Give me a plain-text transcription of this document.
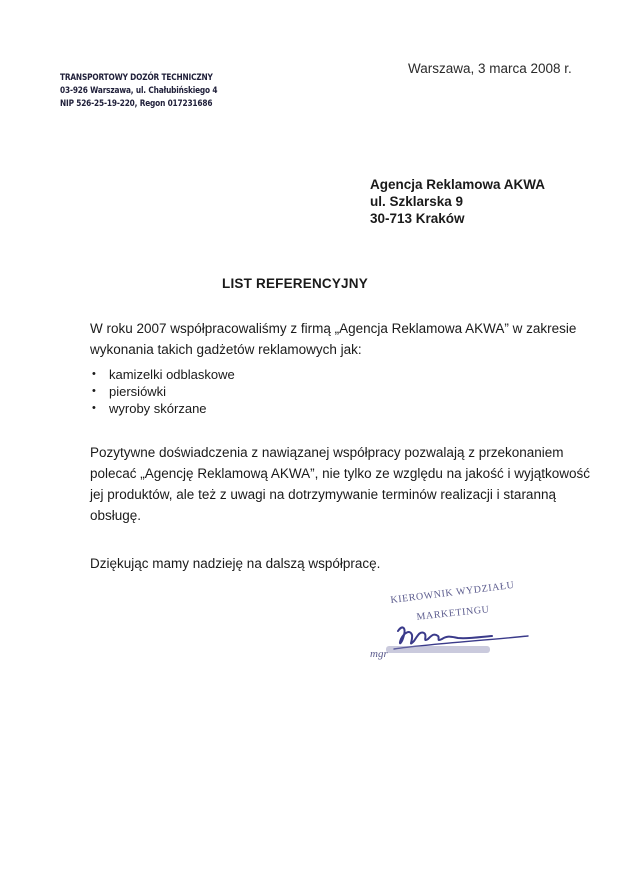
Warszawa, 3 marca 2008 r.
TRANSPORTOWY DOZÓR TECHNICZNY
03-926 Warszawa, ul. Chałubińskiego 4
NIP 526-25-19-220, Regon 017231686
Agencja Reklamowa AKWA
ul. Szklarska 9
30-713 Kraków
LIST REFERENCYJNY
W roku 2007 współpracowaliśmy z firmą „Agencja Reklamowa AKWA” w zakresie wykonania takich gadżetów reklamowych jak:
• kamizelki odblaskowe
• piersiówki
• wyroby skórzane
Pozytywne doświadczenia z nawiązanej współpracy pozwalają z przekonaniem polecać „Agencję Reklamową AKWA”, nie tylko ze względu na jakość i wyjątkowość jej produktów, ale też z uwagi na dotrzymywanie terminów realizacji i staranną obsługę.
Dziękując mamy nadzieję na dalszą współpracę.
KIEROWNIK WYDZIAŁU
MARKETINGU
mgr
